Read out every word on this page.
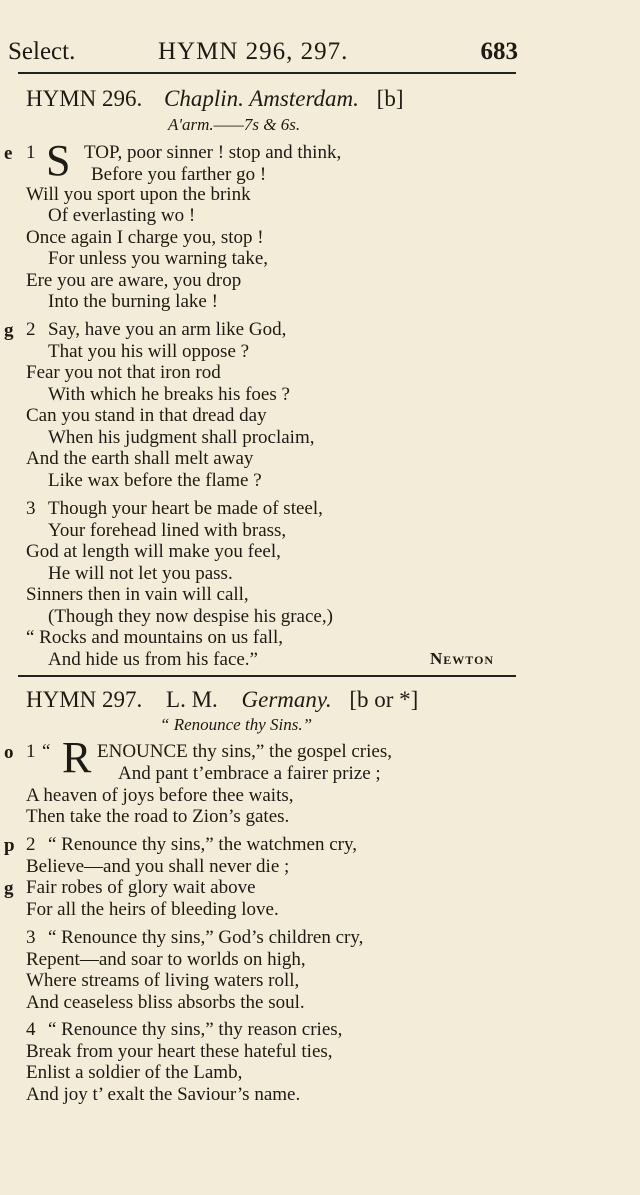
Select.	HYMN 296, 297.	683
HYMN 296. Chaplin. Amsterdam. [b]
A'arm.——7s & 6s.
e 1 S TOP, poor sinner ! stop and think,
Before you farther go !
Will you sport upon the brink
Of everlasting wo !
Once again I charge you, stop !
For unless you warning take,
Ere you are aware, you drop
Into the burning lake !
g 2 Say, have you an arm like God,
That you his will oppose ?
Fear you not that iron rod
With which he breaks his foes ?
Can you stand in that dread day
When his judgment shall proclaim,
And the earth shall melt away
Like wax before the flame ?
3 Though your heart be made of steel,
Your forehead lined with brass,
God at length will make you feel,
He will not let you pass.
Sinners then in vain will call,
(Though they now despise his grace,)
“ Rocks and mountains on us fall,
And hide us from his face.”	Newton
HYMN 297. L. M. Germany. [b or *]
“ Renounce thy Sins.”
o 1 “ R ENOUNCE thy sins,” the gospel cries,
And pant t’embrace a fairer prize ;
A heaven of joys before thee waits,
Then take the road to Zion’s gates.
p 2 “ Renounce thy sins,” the watchmen cry,
Believe—and you shall never die ;
g Fair robes of glory wait above
For all the heirs of bleeding love.
3 “ Renounce thy sins,” God’s children cry,
Repent—and soar to worlds on high,
Where streams of living waters roll,
And ceaseless bliss absorbs the soul.
4 “ Renounce thy sins,” thy reason cries,
Break from your heart these hateful ties,
Enlist a soldier of the Lamb,
And joy t’ exalt the Saviour’s name.
